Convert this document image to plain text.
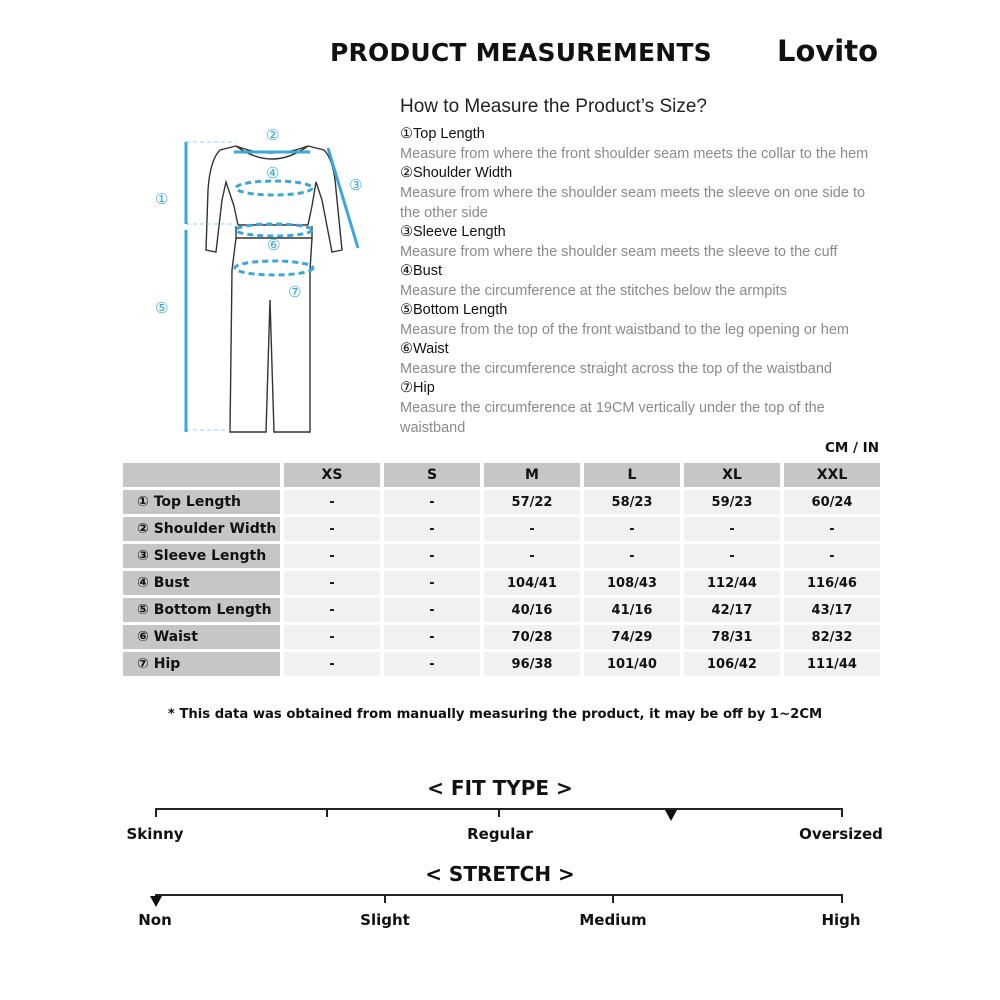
PRODUCT MEASUREMENTS Lovito
①
②
③
④
⑤
⑥
⑦
How to Measure the Product’s Size?
①Top Length
Measure from where the front shoulder seam meets the collar to the hem
②Shoulder Width
Measure from where the shoulder seam meets the sleeve on one side to the other side
③Sleeve Length
Measure from where the shoulder seam meets the sleeve to the cuff
④Bust
Measure the circumference at the stitches below the armpits
⑤Bottom Length
Measure from the top of the front waistband to the leg opening or hem
⑥Waist
Measure the circumference straight across the top of the waistband
⑦Hip
Measure the circumference at 19CM vertically under the top of the waistband
CM / IN
	XS	S	M	L	XL	XXL
① Top Length	-	-	57/22	58/23	59/23	60/24
② Shoulder Width	-	-	-	-	-	-
③ Sleeve Length	-	-	-	-	-	-
④ Bust	-	-	104/41	108/43	112/44	116/46
⑤ Bottom Length	-	-	40/16	41/16	42/17	43/17
⑥ Waist	-	-	70/28	74/29	78/31	82/32
⑦ Hip	-	-	96/38	101/40	106/42	111/44
* This data was obtained from manually measuring the product, it may be off by 1~2CM
< FIT TYPE >
Skinny	Regular	Oversized
< STRETCH >
Non	Slight	Medium	High
